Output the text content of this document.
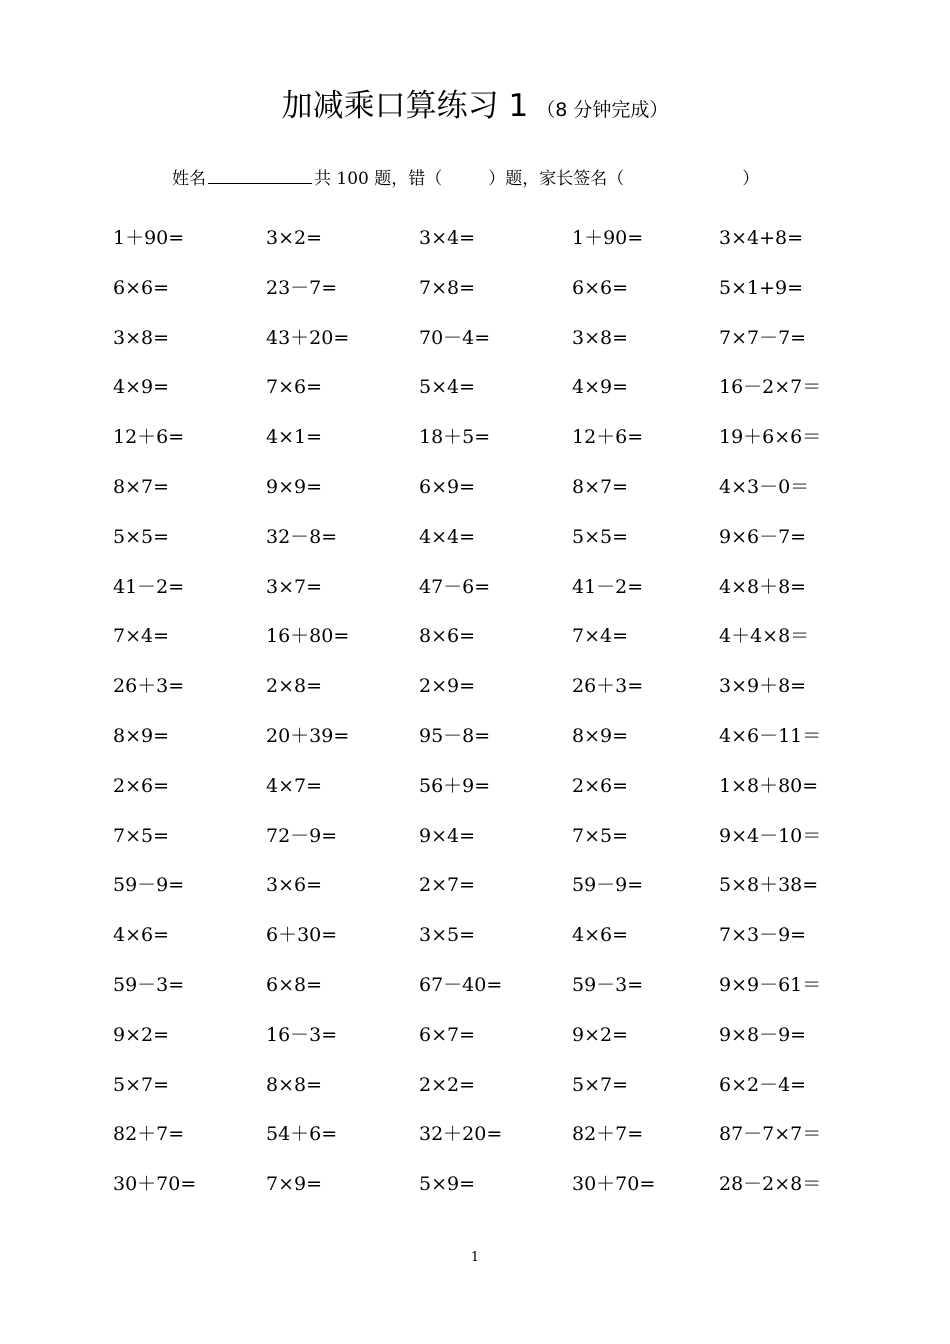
加减乘口算练习 1 （8 分钟完成）
姓名	共 100 题，错（	）题，家长签名（	）
1＋90=	3×2=	3×4=	1＋90=	3×4+8=
6×6=	23－7=	7×8=	6×6=	5×1+9=
3×8=	43＋20=	70－4=	3×8=	7×7－7=
4×9=	7×6=	5×4=	4×9=	16－2×7＝
12＋6=	4×1=	18＋5=	12＋6=	19＋6×6＝
8×7=	9×9=	6×9=	8×7=	4×3－0＝
5×5=	32－8=	4×4=	5×5=	9×6－7=
41－2=	3×7=	47－6=	41－2=	4×8＋8=
7×4=	16＋80=	8×6=	7×4=	4＋4×8＝
26＋3=	2×8=	2×9=	26＋3=	3×9＋8=
8×9=	20＋39=	95－8=	8×9=	4×6－11＝
2×6=	4×7=	56＋9=	2×6=	1×8＋80=
7×5=	72－9=	9×4=	7×5=	9×4－10＝
59－9=	3×6=	2×7=	59－9=	5×8＋38=
4×6=	6＋30=	3×5=	4×6=	7×3－9=
59－3=	6×8=	67－40=	59－3=	9×9－61＝
9×2=	16－3=	6×7=	9×2=	9×8－9=
5×7=	8×8=	2×2=	5×7=	6×2－4=
82＋7=	54＋6=	32＋20=	82＋7=	87－7×7＝
30＋70=	7×9=	5×9=	30＋70=	28－2×8＝
1
